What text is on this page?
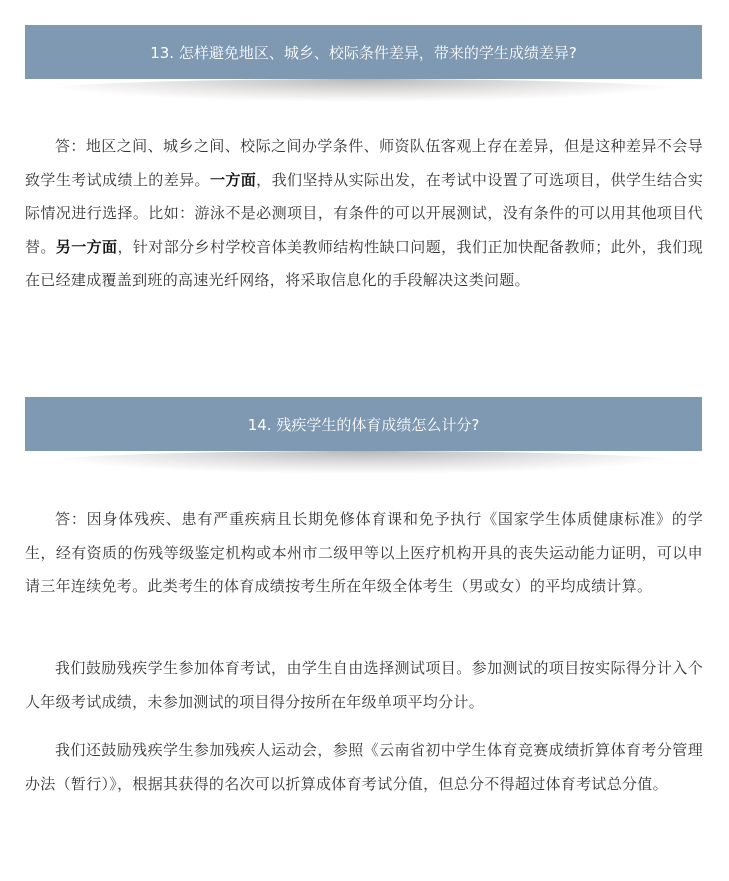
13. 怎样避免地区、城乡、校际条件差异，带来的学生成绩差异?

答：地区之间、城乡之间、校际之间办学条件、师资队伍客观上存在差异，但是这种差异不会导致学生考试成绩上的差异。一方面，我们坚持从实际出发，在考试中设置了可选项目，供学生结合实际情况进行选择。比如：游泳不是必测项目，有条件的可以开展测试，没有条件的可以用其他项目代替。另一方面，针对部分乡村学校音体美教师结构性缺口问题，我们正加快配备教师；此外，我们现在已经建成覆盖到班的高速光纤网络，将采取信息化的手段解决这类问题。

14. 残疾学生的体育成绩怎么计分?

答：因身体残疾、患有严重疾病且长期免修体育课和免予执行《国家学生体质健康标准》的学生，经有资质的伤残等级鉴定机构或本州市二级甲等以上医疗机构开具的丧失运动能力证明，可以申请三年连续免考。此类考生的体育成绩按考生所在年级全体考生（男或女）的平均成绩计算。

我们鼓励残疾学生参加体育考试，由学生自由选择测试项目。参加测试的项目按实际得分计入个人年级考试成绩，未参加测试的项目得分按所在年级单项平均分计。

我们还鼓励残疾学生参加残疾人运动会，参照《云南省初中学生体育竞赛成绩折算体育考分管理办法（暂行）》，根据其获得的名次可以折算成体育考试分值，但总分不得超过体育考试总分值。
